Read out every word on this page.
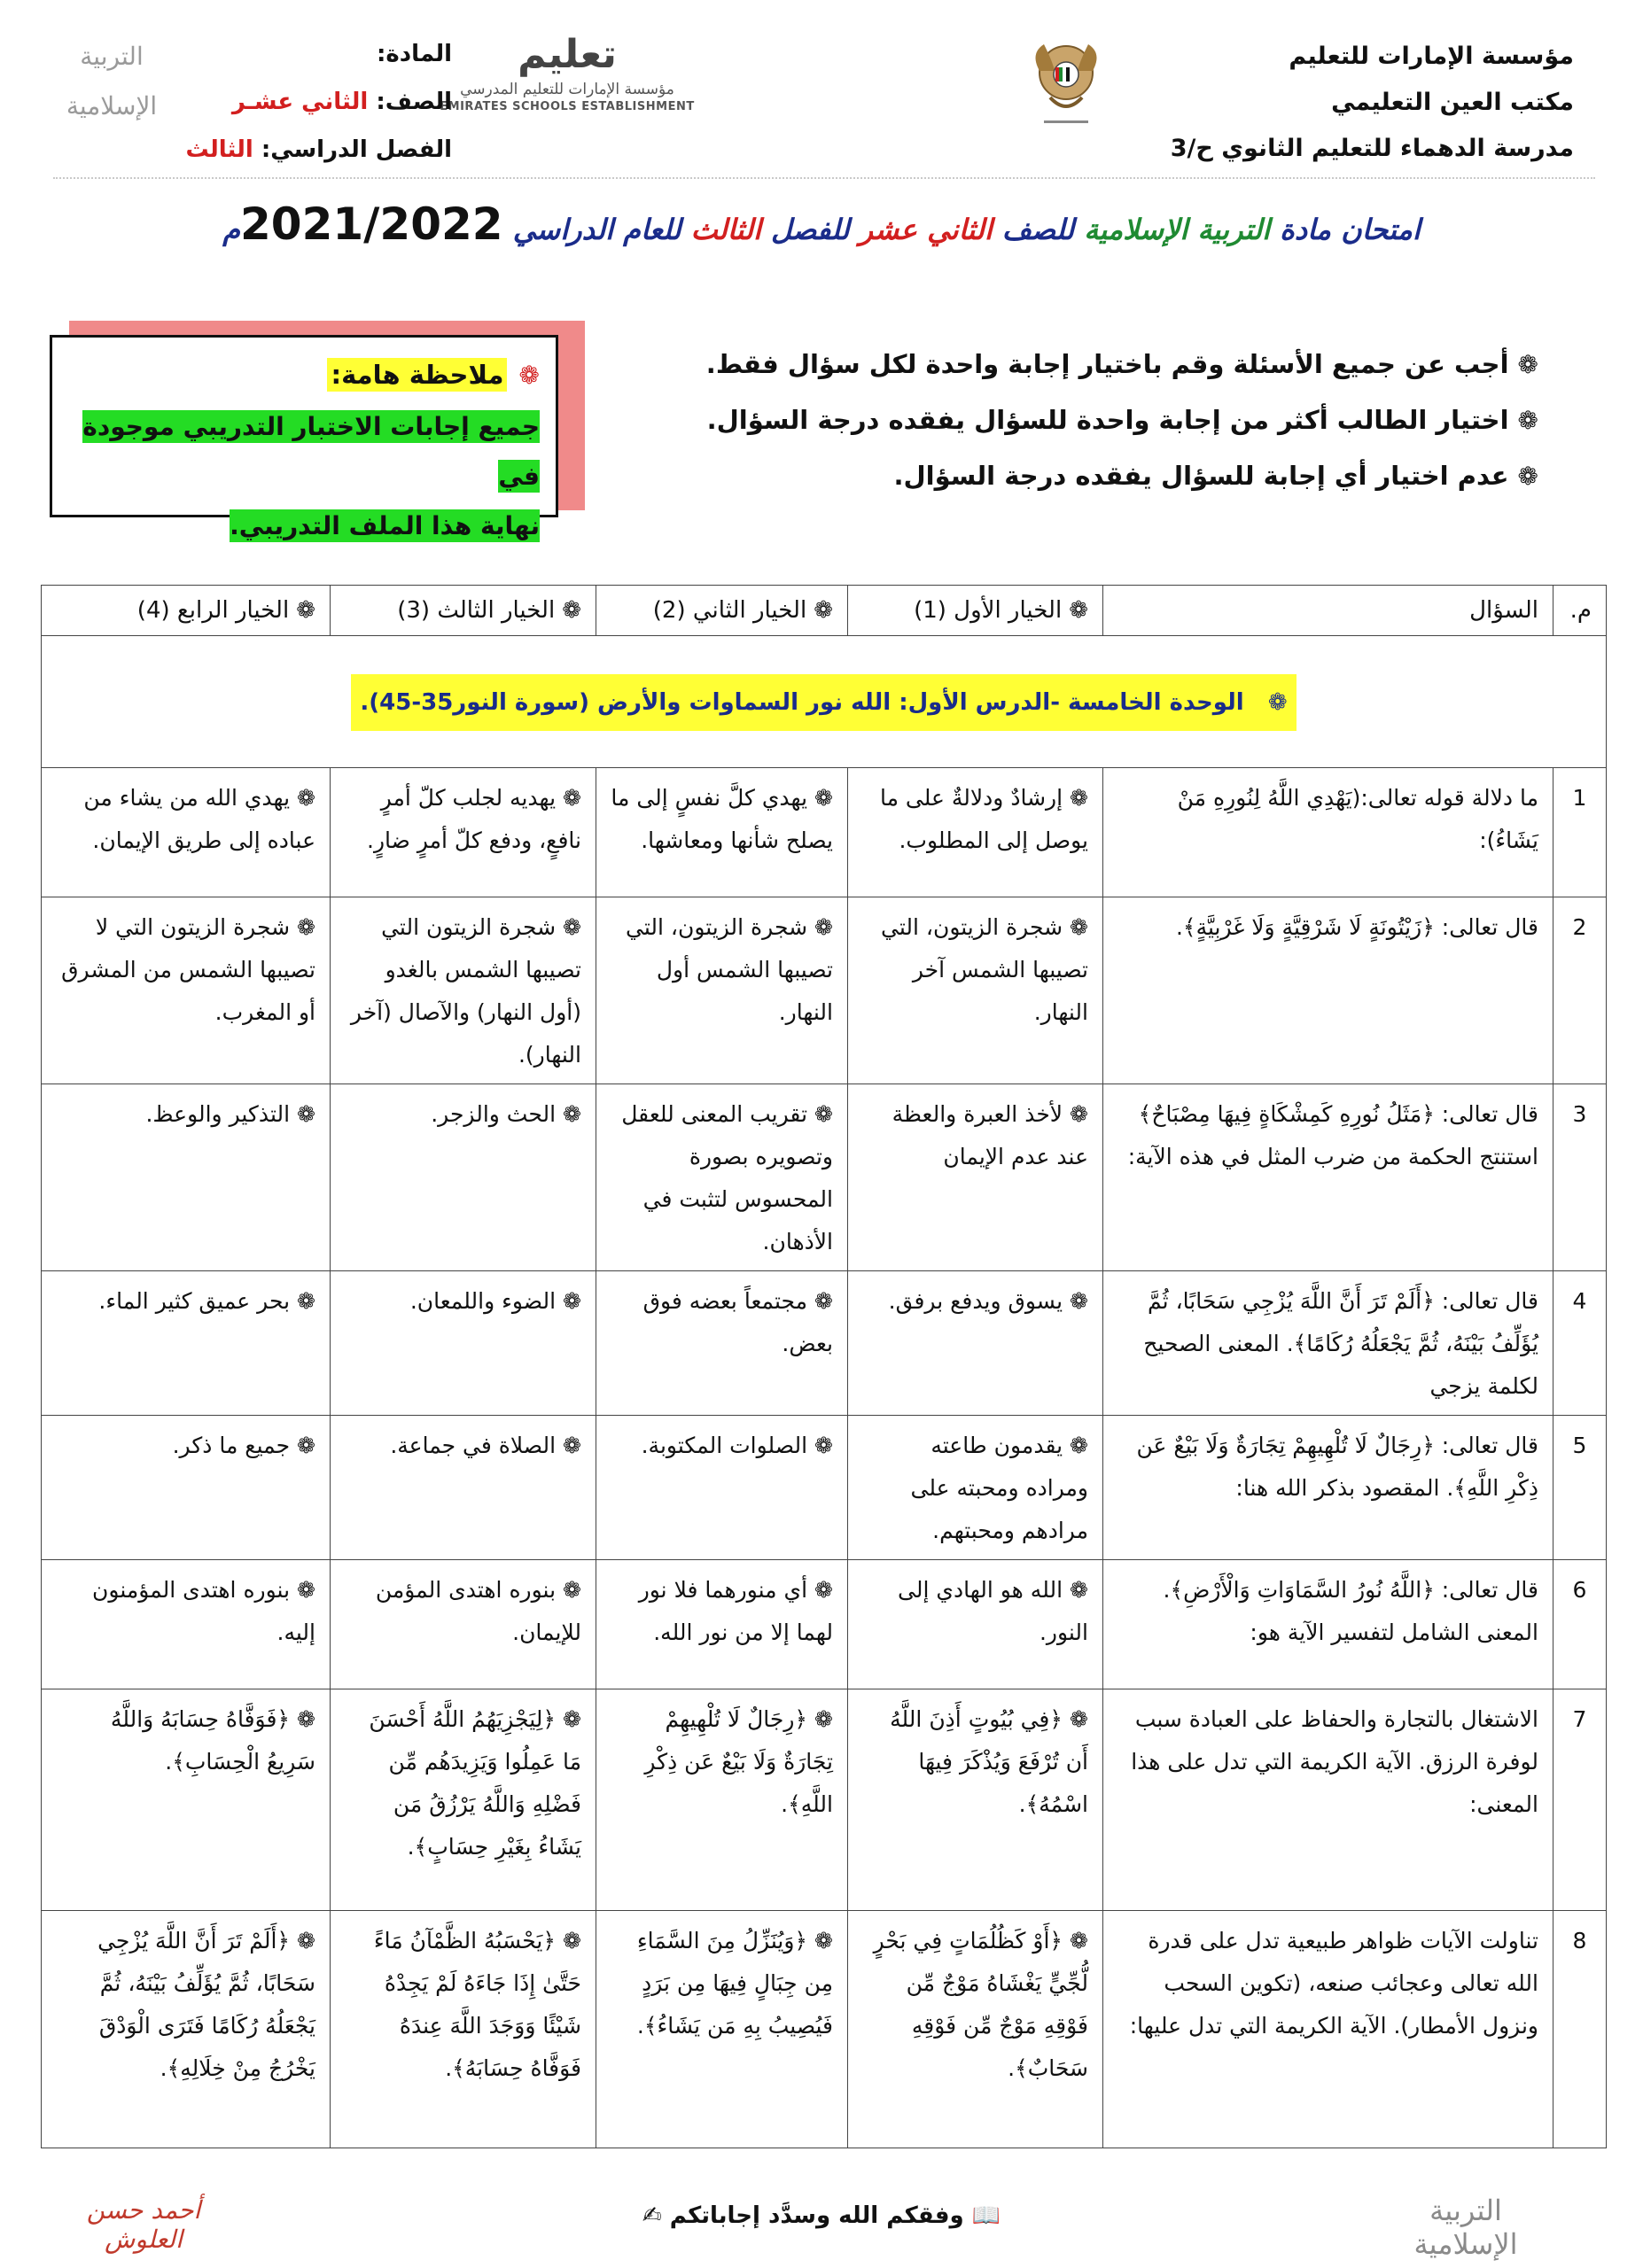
مؤسسة الإمارات للتعليم
مكتب العين التعليمي
مدرسة الدهماء للتعليم الثانوي ح/3
تعليم
مؤسسة الإمارات للتعليم المدرسي
EMIRATES SCHOOLS ESTABLISHMENT
المادة:
الصف: الثاني عشـر
الفصل الدراسي: الثالث
التربية الإسلامية
امتحان مادة التربية الإسلامية للصف الثاني عشر للفصل الثالث للعام الدراسي 2021/2022م
❁أجب عن جميع الأسئلة وقم باختيار إجابة واحدة لكل سؤال فقط.
❁اختيار الطالب أكثر من إجابة واحدة للسؤال يفقده درجة السؤال.
❁عدم اختيار أي إجابة للسؤال يفقده درجة السؤال.
❁ ملاحظة هامة:
جميع إجابات الاختبار التدريبي موجودة في
نهاية هذا الملف التدريبي.
م.	السؤال	❁الخيار الأول (1)	❁الخيار الثاني (2)	❁الخيار الثالث (3)	❁الخيار الرابع (4)
❁   الوحدة الخامسة -الدرس الأول: الله نور السماوات والأرض (سورة النور35-45).					
1	ما دلالة قوله تعالى:(يَهْدِي اللَّهُ لِنُورِهِ مَنْ يَشَاءُ):	❁إرشادٌ ودلالةٌ على ما يوصل إلى المطلوب.	❁يهدي كلَّ نفسٍ إلى ما يصلح شأنها ومعاشها.	❁يهديه لجلب كلّ أمرٍ نافعٍ، ودفع كلّ أمرٍ ضارٍ.	❁يهدي الله من يشاء من عباده إلى طريق الإيمان.
2	قال تعالى: ﴿زَيْتُونَةٍ لَا شَرْقِيَّةٍ وَلَا غَرْبِيَّةٍ﴾.	❁شجرة الزيتون، التي تصيبها الشمس آخر النهار.	❁شجرة الزيتون، التي تصيبها الشمس أول النهار.	❁شجرة الزيتون التي تصيبها الشمس بالغدو (أول النهار) والآصال (آخر النهار).	❁شجرة الزيتون التي لا تصيبها الشمس من المشرق أو المغرب.
3	قال تعالى: ﴿مَثَلُ نُورِهِ كَمِشْكَاةٍ فِيهَا مِصْبَاحٌ﴾ استنتج الحكمة من ضرب المثل في هذه الآية:	❁لأخذ العبرة والعظة عند عدم الإيمان	❁تقريب المعنى للعقل وتصويره بصورة المحسوس لتثبت في الأذهان.	❁الحث والزجر.	❁التذكير والوعظ.
4	قال تعالى: ﴿أَلَمْ تَرَ أَنَّ اللَّهَ يُزْجِي سَحَابًا، ثُمَّ يُؤَلِّفُ بَيْنَهُ، ثُمَّ يَجْعَلُهُ رُكَامًا﴾. المعنى الصحيح لكلمة يزجي	❁يسوق ويدفع برفق.	❁مجتمعاً بعضه فوق بعض.	❁الضوء واللمعان.	❁بحر عميق كثير الماء.
5	قال تعالى: ﴿رِجَالٌ لَا تُلْهِيهِمْ تِجَارَةٌ وَلَا بَيْعٌ عَن ذِكْرِ اللَّهِ﴾. المقصود بذكر الله هنا:	❁يقدمون طاعته ومراده ومحبته على مرادهم ومحبتهم.	❁الصلوات المكتوبة.	❁الصلاة في جماعة.	❁جميع ما ذكر.
6	قال تعالى: ﴿اللَّهُ نُورُ السَّمَاوَاتِ وَالْأَرْضِ﴾. المعنى الشامل لتفسير الآية هو:	❁الله هو الهادي إلى النور.	❁أي منورهما فلا نور لهما إلا من نور الله.	❁بنوره اهتدى المؤمن للإيمان.	❁بنوره اهتدى المؤمنون إليه.
7	الاشتغال بالتجارة والحفاظ على العبادة سبب لوفرة الرزق. الآية الكريمة التي تدل على هذا المعنى:	❁﴿فِي بُيُوتٍ أَذِنَ اللَّهُ أَن تُرْفَعَ وَيُذْكَرَ فِيهَا اسْمُهُ﴾.	❁﴿رِجَالٌ لَا تُلْهِيهِمْ تِجَارَةٌ وَلَا بَيْعٌ عَن ذِكْرِ اللَّهِ﴾.	❁﴿لِيَجْزِيَهُمُ اللَّهُ أَحْسَنَ مَا عَمِلُوا وَيَزِيدَهُم مِّن فَضْلِهِ وَاللَّهُ يَرْزُقُ مَن يَشَاءُ بِغَيْرِ حِسَابٍ﴾.	❁﴿فَوَفَّاهُ حِسَابَهُ وَاللَّهُ سَرِيعُ الْحِسَابِ﴾.
8	تناولت الآيات ظواهر طبيعية تدل على قدرة الله تعالى وعجائب صنعه، (تكوين السحب ونزول الأمطار). الآية الكريمة التي تدل عليها:	❁﴿أَوْ كَظُلُمَاتٍ فِي بَحْرٍ لُّجِّيٍّ يَغْشَاهُ مَوْجٌ مِّن فَوْقِهِ مَوْجٌ مِّن فَوْقِهِ سَحَابٌ﴾.	❁﴿وَيُنَزِّلُ مِنَ السَّمَاءِ مِن جِبَالٍ فِيهَا مِن بَرَدٍ فَيُصِيبُ بِهِ مَن يَشَاءُ﴾.	❁﴿يَحْسَبُهُ الظَّمْآنُ مَاءً حَتَّىٰ إِذَا جَاءَهُ لَمْ يَجِدْهُ شَيْئًا وَوَجَدَ اللَّهَ عِندَهُ فَوَفَّاهُ حِسَابَهُ﴾.	❁﴿أَلَمْ تَرَ أَنَّ اللَّهَ يُزْجِي سَحَابًا، ثُمَّ يُؤَلِّفُ بَيْنَهُ، ثُمَّ يَجْعَلُهُ رُكَامًا فَتَرَى الْوَدْقَ يَخْرُجُ مِنْ خِلَالِهِ﴾.
أحمد حسن العلوش
📖 وفقكم الله وسدَّد إجاباتكم ✍	التربية الإسلامية
